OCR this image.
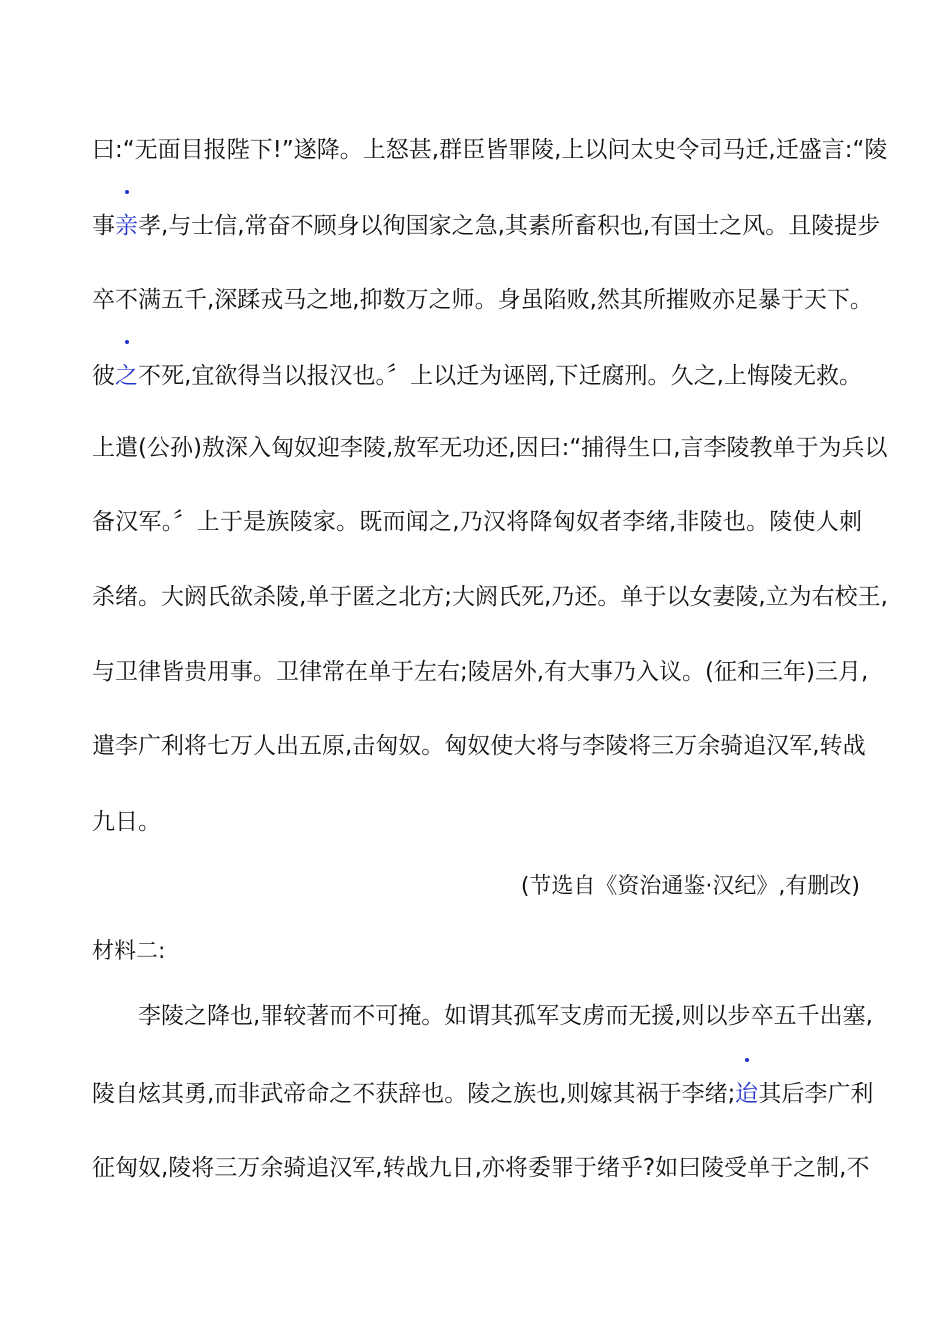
曰:“无面目报陛下!”遂降。上怒甚,群臣皆罪陵,上以问太史令司马迁,迁盛言:“陵
事亲孝,与士信,常奋不顾身以徇国家之急,其素所畜积也,有国士之风。且陵提步
卒不满五千,深蹂戎马之地,抑数万之师。身虽陷败,然其所摧败亦足暴于天下。
彼之不死,宜欲得当以报汉也。〞上以迁为诬罔,下迁腐刑。久之,上悔陵无救。
上遣(公孙)敖深入匈奴迎李陵,敖军无功还,因曰:“捕得生口,言李陵教单于为兵以
备汉军。〞上于是族陵家。既而闻之,乃汉将降匈奴者李绪,非陵也。陵使人刺
杀绪。大阏氏欲杀陵,单于匿之北方;大阏氏死,乃还。单于以女妻陵,立为右校王,
与卫律皆贵用事。卫律常在单于左右;陵居外,有大事乃入议。(征和三年)三月,
遣李广利将七万人出五原,击匈奴。匈奴使大将与李陵将三万余骑追汉军,转战
九日。
(节选自《资治通鉴·汉纪》,有删改)
材料二:
李陵之降也,罪较著而不可掩。如谓其孤军支虏而无援,则以步卒五千出塞,
陵自炫其勇,而非武帝命之不获辞也。陵之族也,则嫁其祸于李绪;迨其后李广利
征匈奴,陵将三万余骑追汉军,转战九日,亦将委罪于绪乎?如曰陵受单于之制,不
